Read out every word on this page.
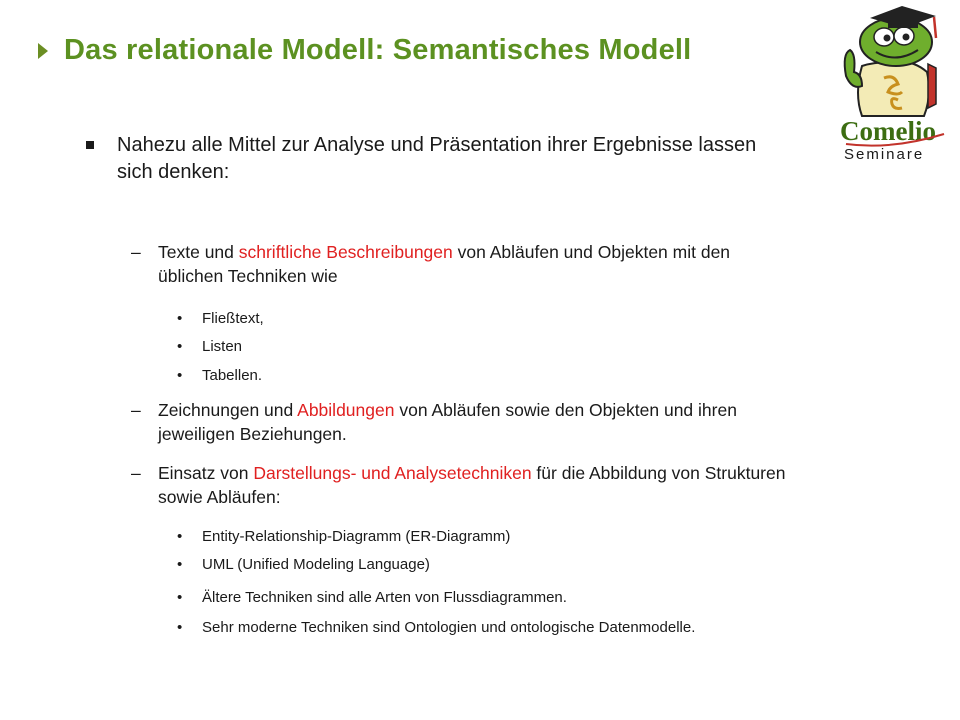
Das relationale Modell: Semantisches Modell
Comelio
Seminare
Nahezu alle Mittel zur Analyse und Präsentation ihrer Ergebnisse lassen sich denken:
– Texte und schriftliche Beschreibungen von Abläufen und Objekten mit den üblichen Techniken wie
• Fließtext,
• Listen
• Tabellen.
– Zeichnungen und Abbildungen von Abläufen sowie den Objekten und ihren jeweiligen Beziehungen.
– Einsatz von Darstellungs- und Analysetechniken für die Abbildung von Strukturen sowie Abläufen:
• Entity-Relationship-Diagramm (ER-Diagramm)
• UML (Unified Modeling Language)
• Ältere Techniken sind alle Arten von Flussdiagrammen.
• Sehr moderne Techniken sind Ontologien und ontologische Datenmodelle.
